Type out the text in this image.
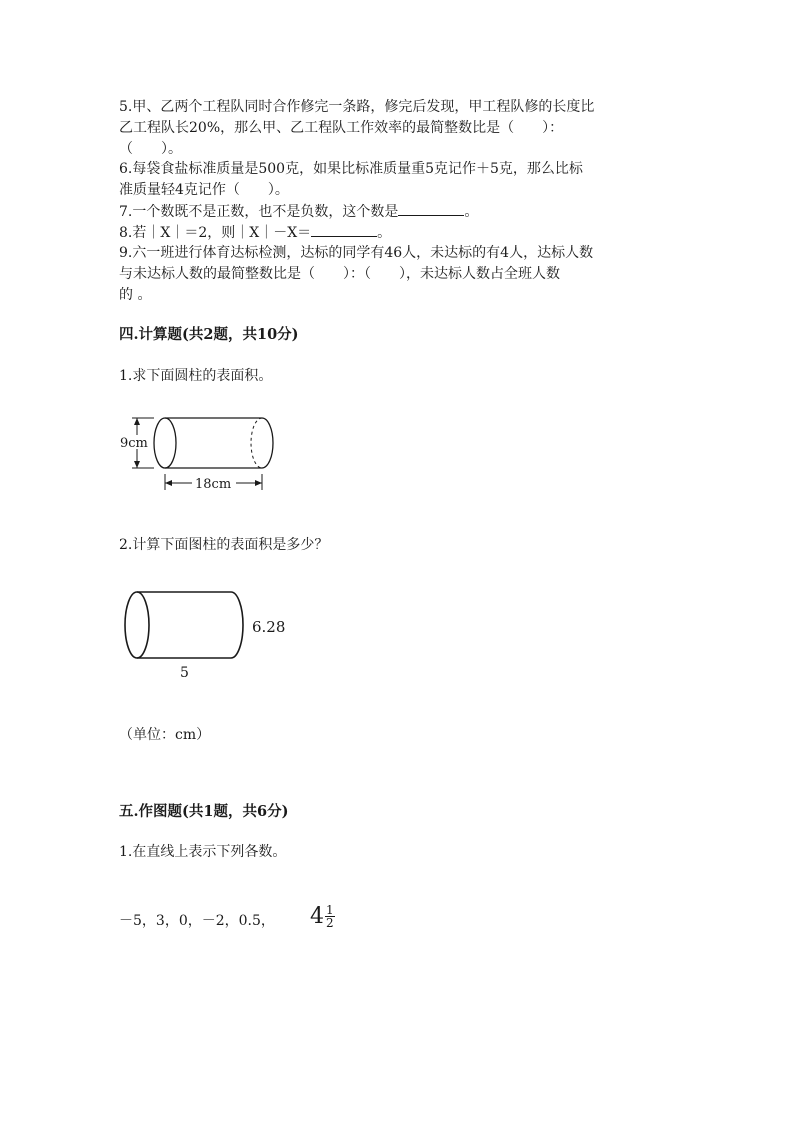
5.甲、乙两个工程队同时合作修完一条路，修完后发现，甲工程队修的长度比
乙工程队长20%，那么甲、乙工程队工作效率的最简整数比是（　　）：
（　　）。
6.每袋食盐标准质量是500克，如果比标准质量重5克记作＋5克，那么比标
准质量轻4克记作（　　）。
7.一个数既不是正数，也不是负数，这个数是	。
8.若｜X｜＝2，则｜X｜－X＝	。
9.六一班进行体育达标检测，达标的同学有46人，未达标的有4人，达标人数
与未达标人数的最简整数比是（　　）：（　　），未达标人数占全班人数
的 。
四.计算题(共2题，共10分)
1.求下面圆柱的表面积。
9cm
18cm
2.计算下面图柱的表面积是多少？
6.28
5
（单位：cm）
五.作图题(共1题，共6分)
1.在直线上表示下列各数。
－5，3，0，－2，0.5， $4 \frac{1}{2}$
